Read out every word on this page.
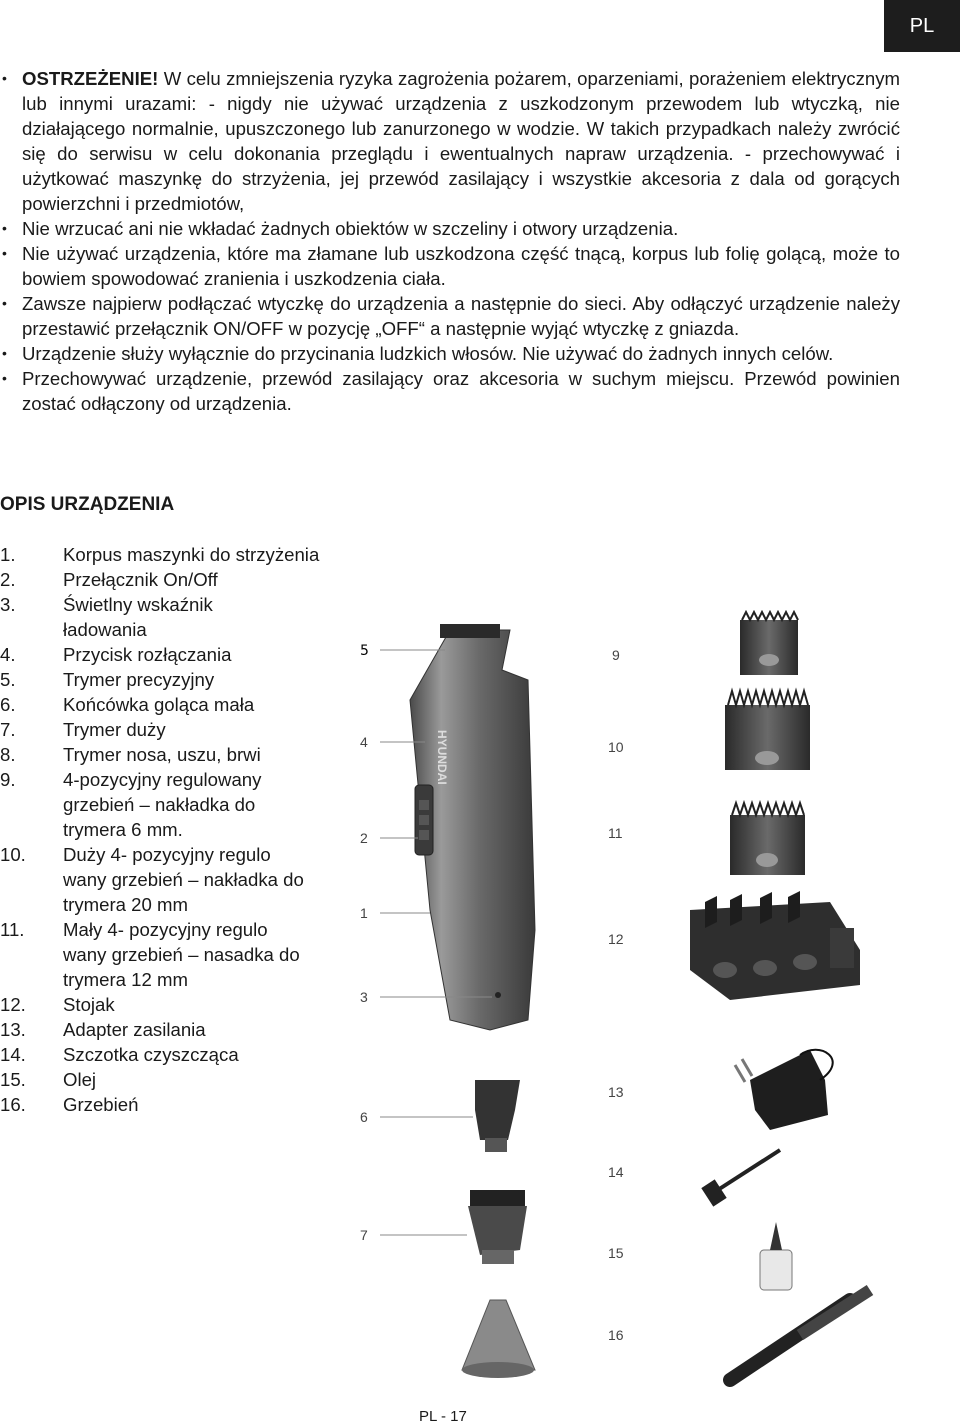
PL

• OSTRZEŻENIE! W celu zmniejszenia ryzyka zagrożenia pożarem, oparzeniami, porażeniem elektrycznym lub innymi urazami: - nigdy nie używać urządzenia z uszkodzonym przewodem lub wtyczką, nie działającego normalnie, upuszczonego lub zanurzonego w wodzie. W takich przypadkach należy zwrócić się do serwisu w celu dokonania przeglądu i ewentualnych napraw urządzenia. - przechowywać i użytkować maszynkę do strzyżenia, jej przewód zasilający i wszystkie akcesoria z dala od gorących powierzchni i przedmiotów,

• Nie wrzucać ani nie wkładać żadnych obiektów w szczeliny i otwory urządzenia.

• Nie używać urządzenia, które ma złamane lub uszkodzona część tnącą, korpus lub folię golącą, może to bowiem spowodować zranienia i uszkodzenia ciała.

• Zawsze najpierw podłączać wtyczkę do urządzenia a następnie do sieci. Aby odłączyć urządzenie należy przestawić przełącznik ON/OFF w pozycję „OFF“ a następnie wyjąć wtyczkę z gniazda.

• Urządzenie służy wyłącznie do przycinania ludzkich włosów. Nie używać do żadnych innych celów.

• Przechowywać urządzenie, przewód zasilający oraz akcesoria w suchym miejscu. Przewód powinien zostać odłączony od urządzenia.

OPIS URZĄDZENIA
1.	Korpus maszynki do strzyżenia
2.	Przełącznik On/Off
3.	Świetlny wskaźnik ładowania
4.	Przycisk rozłączania
5.	Trymer precyzyjny
6.	Końcówka goląca mała
7.	Trymer duży
8.	Trymer nosa, uszu, brwi
9.	4-pozycyjny regulowany grzebień – nakładka do trymera 6 mm.
10.	Duży 4- pozycyjny regulo wany grzebień – nakładka do trymera 20 mm
11.	Mały 4- pozycyjny regulo wany grzebień – nasadka do trymera 12 mm
12.	Stojak
13.	Adapter zasilania
14.	Szczotka czyszcząca
15.	Olej
16.	Grzebień
HYUNDAI
5
4
2
1
3
6
7
9
10
11
12
13
14
15
16
PL - 17
